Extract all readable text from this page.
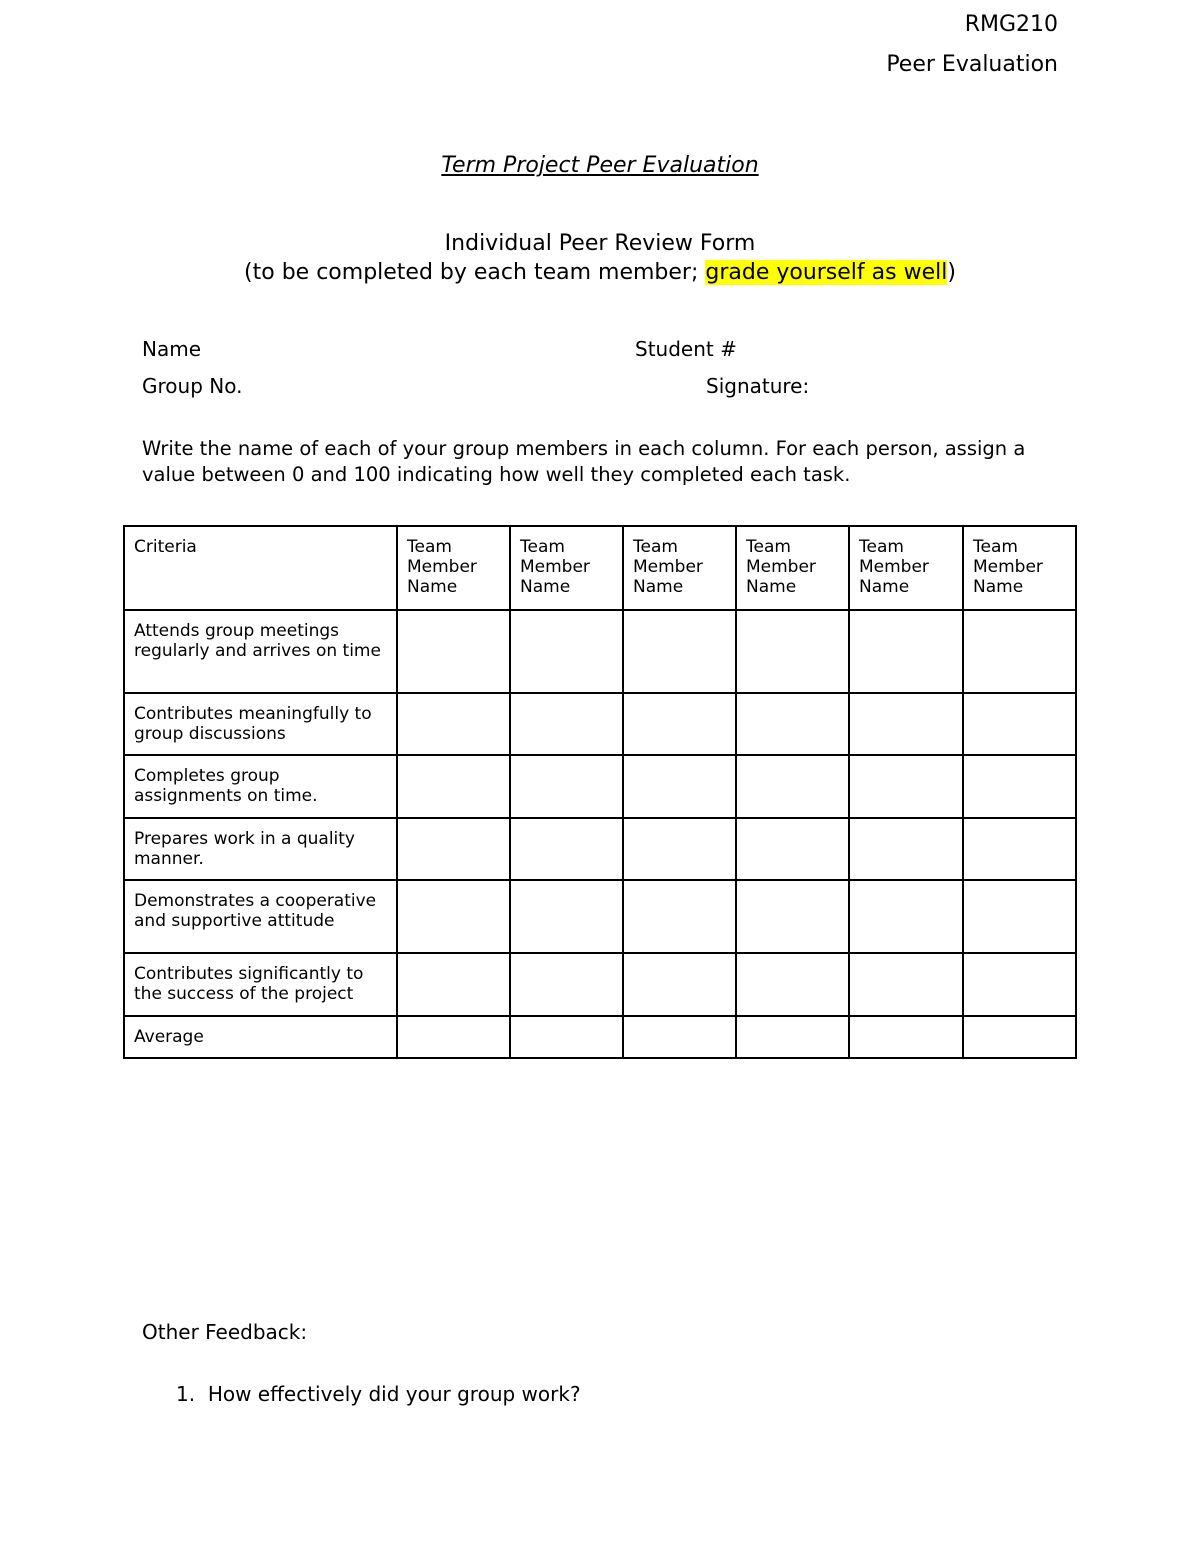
RMG210
Peer Evaluation
Term Project Peer Evaluation
Individual Peer Review Form
(to be completed by each team member; grade yourself as well)
Name	Student #
Group No.	Signature:
Write the name of each of your group members in each column. For each person, assign a value between 0 and 100 indicating how well they completed each task.
Criteria	Team Member Name	Team Member Name	Team Member Name	Team Member Name	Team Member Name	Team Member Name
Attends group meetings regularly and arrives on time						
Contributes meaningfully to group discussions						
Completes group assignments on time.						
Prepares work in a quality manner.						
Demonstrates a cooperative and supportive attitude						
Contributes significantly to the success of the project						
Average						
Other Feedback:
1. How effectively did your group work?
